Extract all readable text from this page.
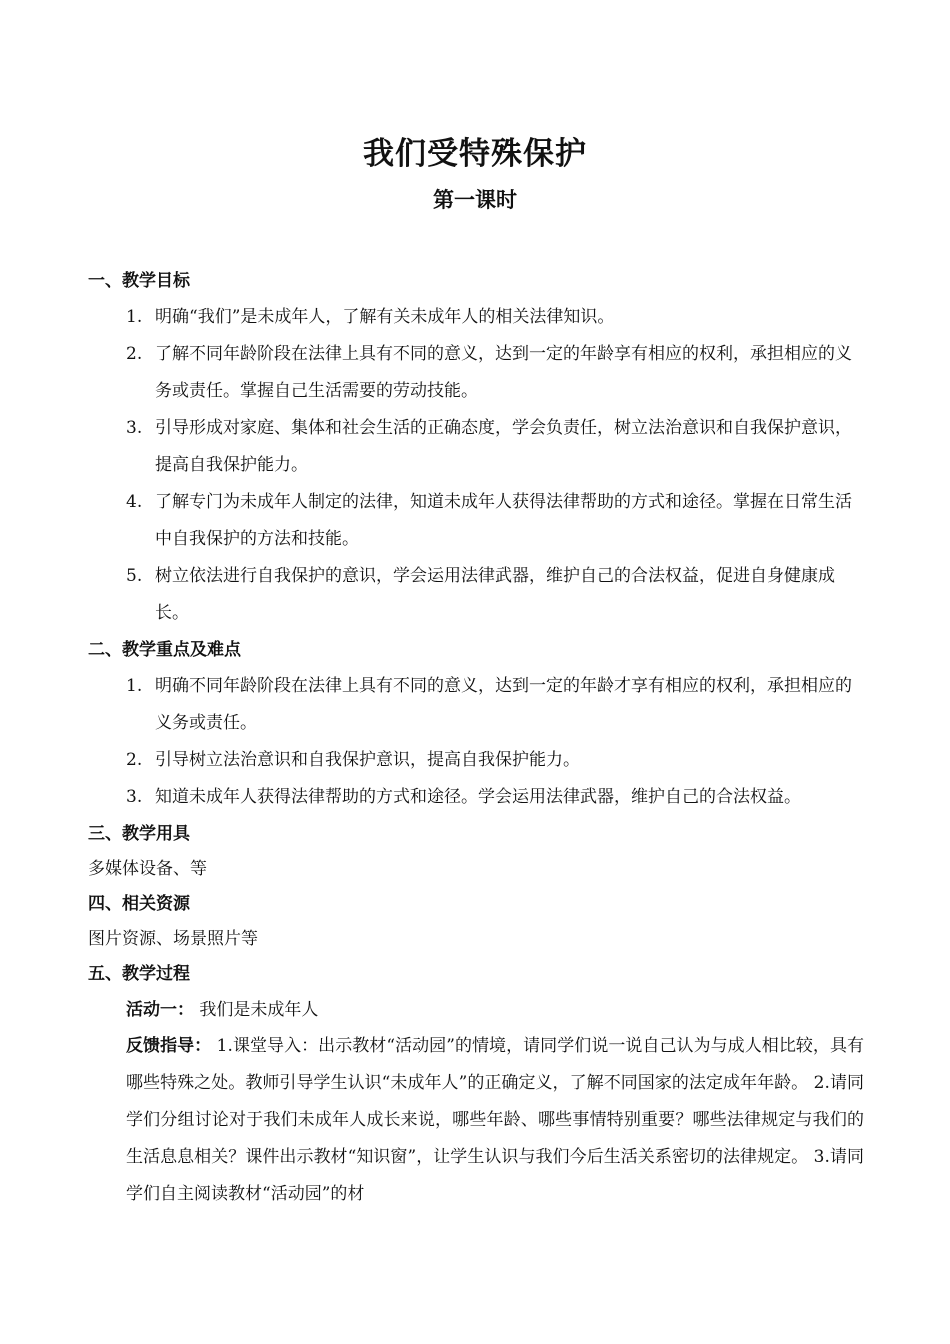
我们受特殊保护
第一课时
一、教学目标
1. 明确“我们”是未成年人，了解有关未成年人的相关法律知识。
2. 了解不同年龄阶段在法律上具有不同的意义，达到一定的年龄享有相应的权利，承担相应的义务或责任。掌握自己生活需要的劳动技能。
3. 引导形成对家庭、集体和社会生活的正确态度，学会负责任，树立法治意识和自我保护意识，提高自我保护能力。
4. 了解专门为未成年人制定的法律，知道未成年人获得法律帮助的方式和途径。掌握在日常生活中自我保护的方法和技能。
5. 树立依法进行自我保护的意识，学会运用法律武器，维护自己的合法权益，促进自身健康成长。
二、教学重点及难点
1. 明确不同年龄阶段在法律上具有不同的意义，达到一定的年龄才享有相应的权利，承担相应的义务或责任。
2. 引导树立法治意识和自我保护意识，提高自我保护能力。
3. 知道未成年人获得法律帮助的方式和途径。学会运用法律武器，维护自己的合法权益。
三、教学用具
多媒体设备、等
四、相关资源
图片资源、场景照片等
五、教学过程
活动一： 我们是未成年人
反馈指导： 1.课堂导入：出示教材“活动园”的情境，请同学们说一说自己认为与成人相比较，具有哪些特殊之处。教师引导学生认识“未成年人”的正确定义，了解不同国家的法定成年年龄。 2.请同学们分组讨论对于我们未成年人成长来说，哪些年龄、哪些事情特别重要？哪些法律规定与我们的生活息息相关？课件出示教材“知识窗”，让学生认识与我们今后生活关系密切的法律规定。 3.请同学们自主阅读教材“活动园”的材
